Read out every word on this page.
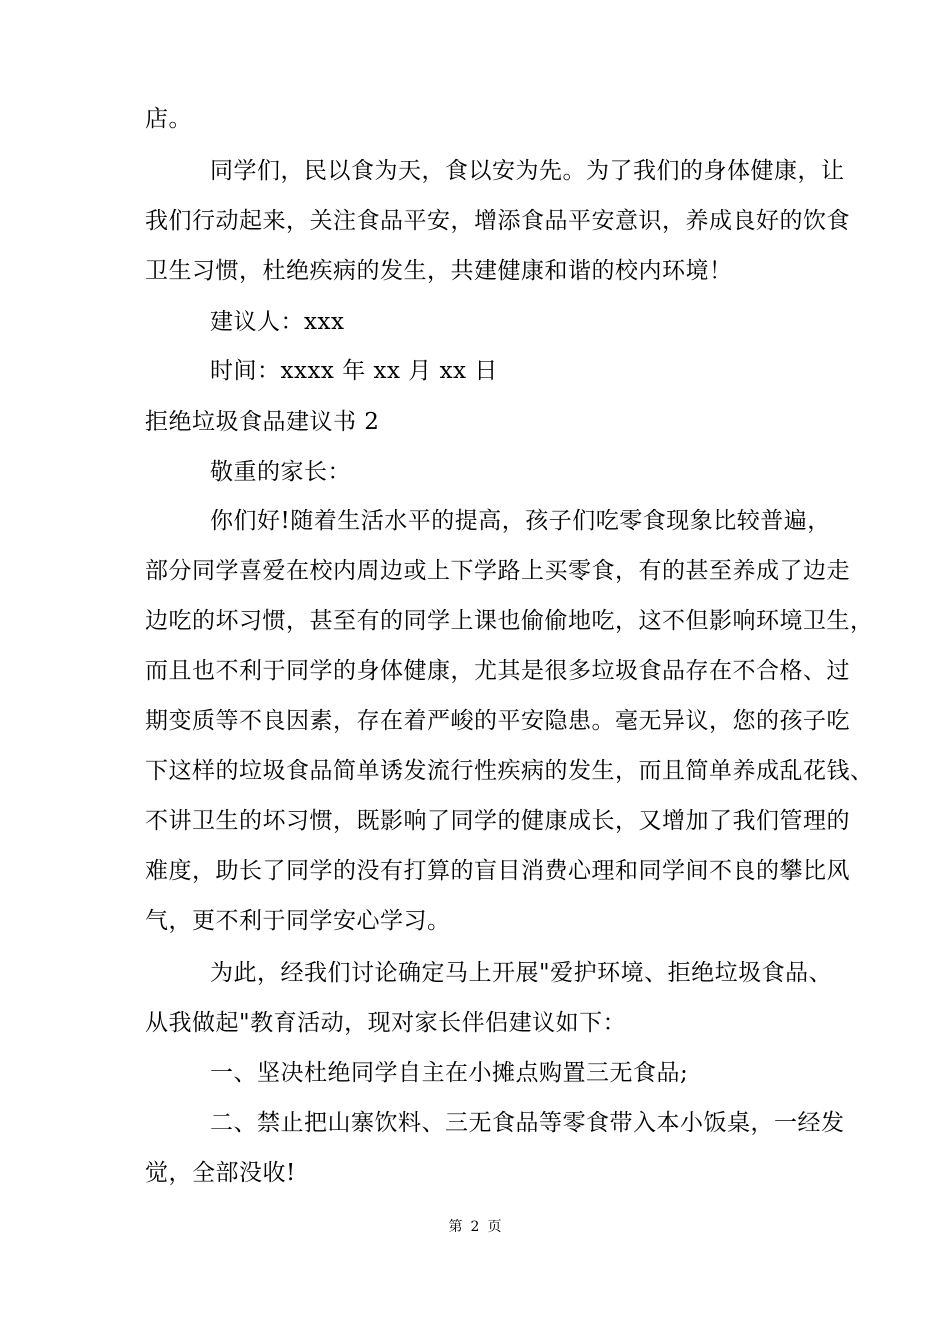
店。
同学们，民以食为天，食以安为先。为了我们的身体健康，让
我们行动起来，关注食品平安，增添食品平安意识，养成良好的饮食
卫生习惯，杜绝疾病的发生，共建健康和谐的校内环境！
建议人：xxx
时间：xxxx 年 xx 月 xx 日
拒绝垃圾食品建议书 2
敬重的家长：
你们好!随着生活水平的提高，孩子们吃零食现象比较普遍，
部分同学喜爱在校内周边或上下学路上买零食，有的甚至养成了边走
边吃的坏习惯，甚至有的同学上课也偷偷地吃，这不但影响环境卫生，
而且也不利于同学的身体健康，尤其是很多垃圾食品存在不合格、过
期变质等不良因素，存在着严峻的平安隐患。毫无异议，您的孩子吃
下这样的垃圾食品简单诱发流行性疾病的发生，而且简单养成乱花钱、
不讲卫生的坏习惯，既影响了同学的健康成长，又增加了我们管理的
难度，助长了同学的没有打算的盲目消费心理和同学间不良的攀比风
气，更不利于同学安心学习。
为此，经我们讨论确定马上开展"爱护环境、拒绝垃圾食品、
从我做起"教育活动，现对家长伴侣建议如下：
一、坚决杜绝同学自主在小摊点购置三无食品;
二、禁止把山寨饮料、三无食品等零食带入本小饭桌，一经发
觉，全部没收!
第 2 页
